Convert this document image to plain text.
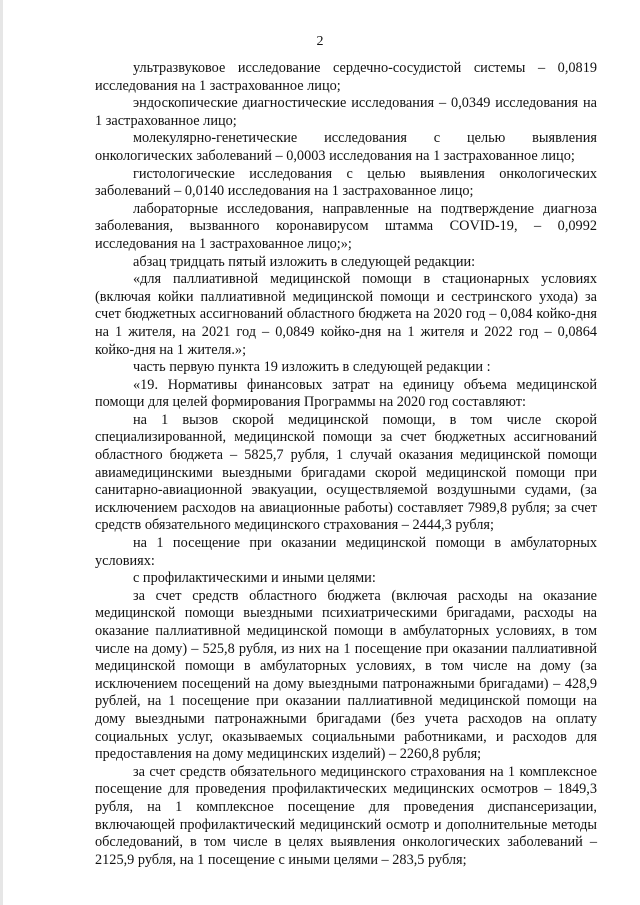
2

ультразвуковое исследование сердечно-сосудистой системы – 0,0819 исследования на 1 застрахованное лицо;

эндоскопические диагностические исследования – 0,0349 исследования на 1 застрахованное лицо;

молекулярно-генетические исследования с целью выявления онкологических заболеваний – 0,0003 исследования на 1 застрахованное лицо;

гистологические исследования с целью выявления онкологических заболеваний – 0,0140 исследования на 1 застрахованное лицо;

лабораторные исследования, направленные на подтверждение диагноза заболевания, вызванного коронавирусом штамма COVID-19, – 0,0992 исследования на 1 застрахованное лицо;»;

абзац тридцать пятый изложить в следующей редакции:

«для паллиативной медицинской помощи в стационарных условиях (включая койки паллиативной медицинской помощи и сестринского ухода) за счет бюджетных ассигнований областного бюджета на 2020 год – 0,084 койко-дня на 1 жителя, на 2021 год – 0,0849 койко-дня на 1 жителя и 2022 год – 0,0864 койко-дня на 1 жителя.»;

часть первую пункта 19 изложить в следующей редакции :

«19. Нормативы финансовых затрат на единицу объема медицинской помощи для целей формирования Программы на 2020 год составляют:

на 1 вызов скорой медицинской помощи, в том числе скорой специализированной, медицинской помощи за счет бюджетных ассигнований областного бюджета – 5825,7 рубля, 1 случай оказания медицинской помощи авиамедицинскими выездными бригадами скорой медицинской помощи при санитарно-авиационной эвакуации, осуществляемой воздушными судами, (за исключением расходов на авиационные работы) составляет 7989,8 рубля; за счет средств обязательного медицинского страхования – 2444,3 рубля;

на 1 посещение при оказании медицинской помощи в амбулаторных условиях:

с профилактическими и иными целями:

за счет средств областного бюджета (включая расходы на оказание медицинской помощи выездными психиатрическими бригадами, расходы на оказание паллиативной медицинской помощи в амбулаторных условиях, в том числе на дому) – 525,8 рубля, из них на 1 посещение при оказании паллиативной медицинской помощи в амбулаторных условиях, в том числе на дому (за исключением посещений на дому выездными патронажными бригадами) – 428,9 рублей, на 1 посещение при оказании паллиативной медицинской помощи на дому выездными патронажными бригадами (без учета расходов на оплату социальных услуг, оказываемых социальными работниками, и расходов для предоставления на дому медицинских изделий) – 2260,8 рубля;

за счет средств обязательного медицинского страхования на 1 комплексное посещение для проведения профилактических медицинских осмотров – 1849,3 рубля, на 1 комплексное посещение для проведения диспансеризации, включающей профилактический медицинский осмотр и дополнительные методы обследований, в том числе в целях выявления онкологических заболеваний – 2125,9 рубля, на 1 посещение с иными целями – 283,5 рубля;
